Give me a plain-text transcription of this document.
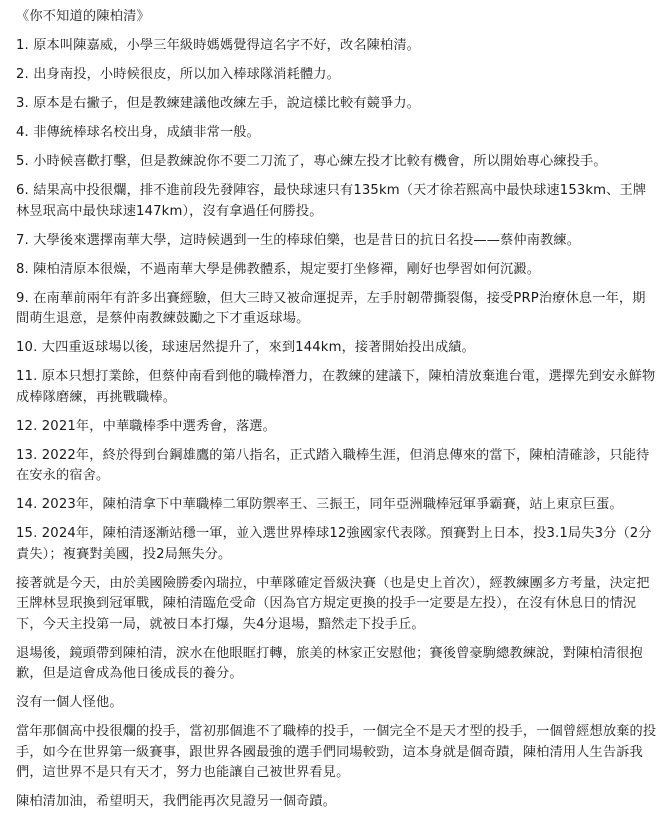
《你不知道的陳柏清》
1. 原本叫陳嘉威，小學三年級時媽媽覺得這名字不好，改名陳柏清。
2. 出身南投，小時候很皮，所以加入棒球隊消耗體力。
3. 原本是右撇子，但是教練建議他改練左手，說這樣比較有競爭力。
4. 非傳統棒球名校出身，成績非常一般。
5. 小時候喜歡打擊，但是教練說你不要二刀流了，專心練左投才比較有機會，所以開始專心練投手。
6. 結果高中投很爛，排不進前段先發陣容，最快球速只有135km（天才徐若熙高中最快球速153km、王牌林昱珉高中最快球速147km），沒有拿過任何勝投。
7. 大學後來選擇南華大學，這時候遇到一生的棒球伯樂，也是昔日的抗日名投——蔡仲南教練。
8. 陳柏清原本很燥，不過南華大學是佛教體系，規定要打坐修禪，剛好也學習如何沉澱。
9. 在南華前兩年有許多出賽經驗，但大三時又被命運捉弄，左手肘韌帶撕裂傷，接受PRP治療休息一年，期間萌生退意，是蔡仲南教練鼓勵之下才重返球場。
10. 大四重返球場以後，球速居然提升了，來到144km，接著開始投出成績。
11. 原本只想打業餘，但蔡仲南看到他的職棒潛力，在教練的建議下，陳柏清放棄進台電，選擇先到安永鮮物成棒隊磨練，再挑戰職棒。
12. 2021年，中華職棒季中選秀會，落選。
13. 2022年，終於得到台鋼雄鷹的第八指名，正式踏入職棒生涯，但消息傳來的當下，陳柏清確診，只能待在安永的宿舍。
14. 2023年，陳柏清拿下中華職棒二軍防禦率王、三振王，同年亞洲職棒冠軍爭霸賽，站上東京巨蛋。
15. 2024年，陳柏清逐漸站穩一軍，並入選世界棒球12強國家代表隊。預賽對上日本，投3.1局失3分（2分責失）；複賽對美國，投2局無失分。
接著就是今天，由於美國險勝委內瑞拉，中華隊確定晉級決賽（也是史上首次），經教練團多方考量，決定把王牌林昱珉換到冠軍戰，陳柏清臨危受命（因為官方規定更換的投手一定要是左投），在沒有休息日的情況下，今天主投第一局，就被日本打爆，失4分退場，黯然走下投手丘。
退場後，鏡頭帶到陳柏清，淚水在他眼眶打轉，旅美的林家正安慰他；賽後曾豪駒總教練說，對陳柏清很抱歉，但是這會成為他日後成長的養分。
沒有一個人怪他。
當年那個高中投很爛的投手，當初那個進不了職棒的投手，一個完全不是天才型的投手，一個曾經想放棄的投手，如今在世界第一級賽事，跟世界各國最強的選手們同場較勁，這本身就是個奇蹟，陳柏清用人生告訴我們，這世界不是只有天才，努力也能讓自己被世界看見。
陳柏清加油，希望明天，我們能再次見證另一個奇蹟。
